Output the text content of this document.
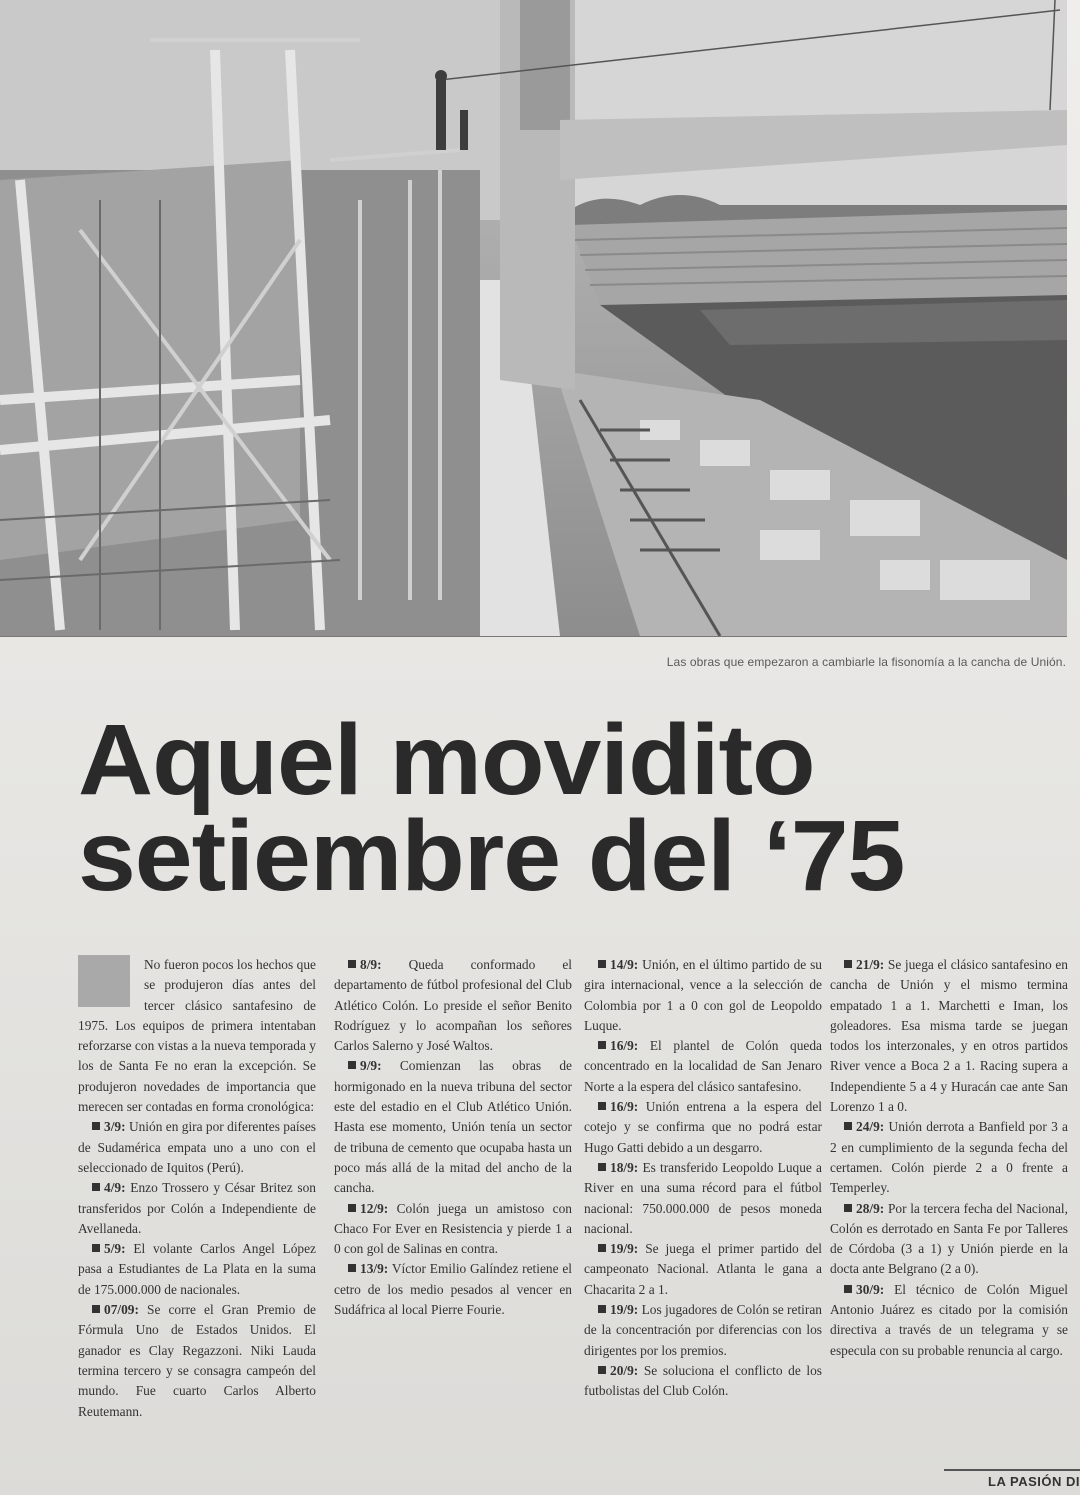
Las obras que empezaron a cambiarle la fisonomía a la cancha de Unión.
Aquel movidito
setiembre del ‘75

No fueron pocos los hechos que se produjeron días antes del tercer clásico santafesino de 1975. Los equipos de primera intentaban reforzarse con vistas a la nueva temporada y los de Santa Fe no eran la excepción. Se produjeron novedades de importancia que merecen ser contadas en forma cronológica:

3/9: Unión en gira por diferentes países de Sudamérica empata uno a uno con el seleccionado de Iquitos (Perú).

4/9: Enzo Trossero y César Britez son transferidos por Colón a Independiente de Avellaneda.

5/9: El volante Carlos Angel López pasa a Estudiantes de La Plata en la suma de 175.000.000 de nacionales.

07/09: Se corre el Gran Premio de Fórmula Uno de Estados Unidos. El ganador es Clay Regazzoni. Niki Lauda termina tercero y se consagra campeón del mundo. Fue cuarto Carlos Alberto Reutemann.

8/9: Queda conformado el departamento de fútbol profesional del Club Atlético Colón. Lo preside el señor Benito Rodríguez y lo acompañan los señores Carlos Salerno y José Waltos.

9/9: Comienzan las obras de hormigonado en la nueva tribuna del sector este del estadio en el Club Atlético Unión. Hasta ese momento, Unión tenía un sector de tribuna de cemento que ocupaba hasta un poco más allá de la mitad del ancho de la cancha.

12/9: Colón juega un amistoso con Chaco For Ever en Resistencia y pierde 1 a 0 con gol de Salinas en contra.

13/9: Víctor Emilio Galíndez retiene el cetro de los medio pesados al vencer en Sudáfrica al local Pierre Fourie.

14/9: Unión, en el último partido de su gira internacional, vence a la selección de Colombia por 1 a 0 con gol de Leopoldo Luque.

16/9: El plantel de Colón queda concentrado en la localidad de San Jenaro Norte a la espera del clásico santafesino.

16/9: Unión entrena a la espera del cotejo y se confirma que no podrá estar Hugo Gatti debido a un desgarro.

18/9: Es transferido Leopoldo Luque a River en una suma récord para el fútbol nacional: 750.000.000 de pesos moneda nacional.

19/9: Se juega el primer partido del campeonato Nacional. Atlanta le gana a Chacarita 2 a 1.

19/9: Los jugadores de Colón se retiran de la concentración por diferencias con los dirigentes por los premios.

20/9: Se soluciona el conflicto de los futbolistas del Club Colón.

21/9: Se juega el clásico santafesino en cancha de Unión y el mismo termina empatado 1 a 1. Marchetti e Iman, los goleadores. Esa misma tarde se juegan todos los interzonales, y en otros partidos River vence a Boca 2 a 1. Racing supera a Independiente 5 a 4 y Huracán cae ante San Lorenzo 1 a 0.

24/9: Unión derrota a Banfield por 3 a 2 en cumplimiento de la segunda fecha del certamen. Colón pierde 2 a 0 frente a Temperley.

28/9: Por la tercera fecha del Nacional, Colón es derrotado en Santa Fe por Talleres de Córdoba (3 a 1) y Unión pierde en la docta ante Belgrano (2 a 0).

30/9: El técnico de Colón Miguel Antonio Juárez es citado por la comisión directiva a través de un telegrama y se especula con su probable renuncia al cargo.

LA PASIÓN DI
